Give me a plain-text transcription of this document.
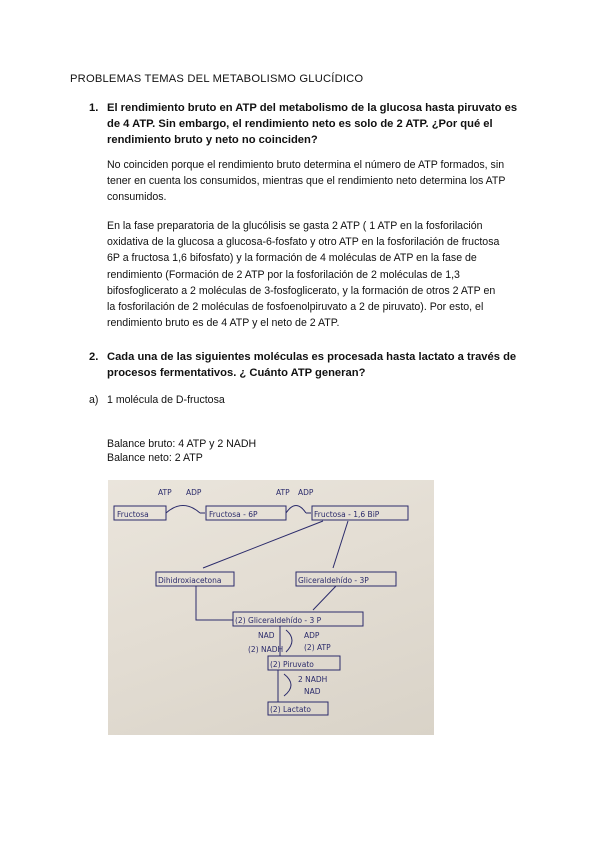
PROBLEMAS TEMAS DEL METABOLISMO GLUCÍDICO
1. El rendimiento bruto en ATP del metabolismo de la glucosa hasta piruvato es
de 4 ATP. Sin embargo, el rendimiento neto es solo de 2 ATP. ¿Por qué el
rendimiento bruto y neto no coinciden?
No coinciden porque el rendimiento bruto determina el número de ATP formados, sin
tener en cuenta los consumidos, mientras que el rendimiento neto determina los ATP
consumidos.
En la fase preparatoria de la glucólisis se gasta 2 ATP ( 1 ATP en la fosforilación
oxidativa de la glucosa a glucosa-6-fosfato y otro ATP en la fosforilación de fructosa
6P a fructosa 1,6 bifosfato) y la formación de 4 moléculas de ATP en la fase de
rendimiento (Formación de 2 ATP por la fosforilación de 2 moléculas de 1,3
bifosfoglicerato a 2 moléculas de 3-fosfoglicerato, y la formación de otros 2 ATP en
la fosforilación de 2 moléculas de fosfoenolpiruvato a 2 de piruvato). Por esto, el
rendimiento bruto es de 4 ATP y el neto de 2 ATP.
2. Cada una de las siguientes moléculas es procesada hasta lactato a través de
procesos fermentativos. ¿ Cuánto ATP generan?
a) 1 molécula de D-fructosa
Balance bruto: 4 ATP y 2 NADH
Balance neto: 2 ATP
Fructosa	Fructosa - 6P	Fructosa - 1,6 BiP
ATP ADP	ATP ADP
Dihidroxiacetona	Gliceraldehído - 3P
(2) Gliceraldehído - 3 P
NAD
(2) NADH
ADP
(2) ATP
(2) Piruvato
2 NADH
NAD
(2) Lactato
